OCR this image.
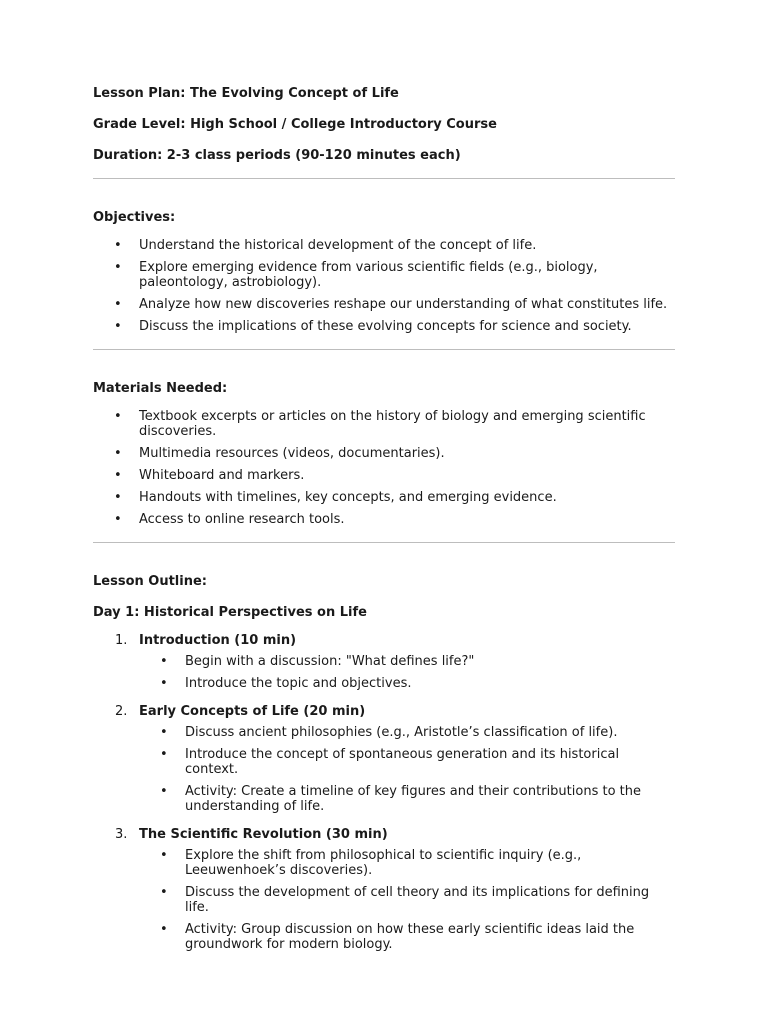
Lesson Plan: The Evolving Concept of Life
Grade Level: High School / College Introductory Course
Duration: 2-3 class periods (90-120 minutes each)
Objectives:
• Understand the historical development of the concept of life.
• Explore emerging evidence from various scientific fields (e.g., biology, paleontology, astrobiology).
• Analyze how new discoveries reshape our understanding of what constitutes life.
• Discuss the implications of these evolving concepts for science and society.
Materials Needed:
• Textbook excerpts or articles on the history of biology and emerging scientific discoveries.
• Multimedia resources (videos, documentaries).
• Whiteboard and markers.
• Handouts with timelines, key concepts, and emerging evidence.
• Access to online research tools.
Lesson Outline:
Day 1: Historical Perspectives on Life
1. Introduction (10 min)
• Begin with a discussion: "What defines life?"
• Introduce the topic and objectives.
2. Early Concepts of Life (20 min)
• Discuss ancient philosophies (e.g., Aristotle’s classification of life).
• Introduce the concept of spontaneous generation and its historical context.
• Activity: Create a timeline of key figures and their contributions to the understanding of life.
3. The Scientific Revolution (30 min)
• Explore the shift from philosophical to scientific inquiry (e.g., Leeuwenhoek’s discoveries).
• Discuss the development of cell theory and its implications for defining life.
• Activity: Group discussion on how these early scientific ideas laid the groundwork for modern biology.
